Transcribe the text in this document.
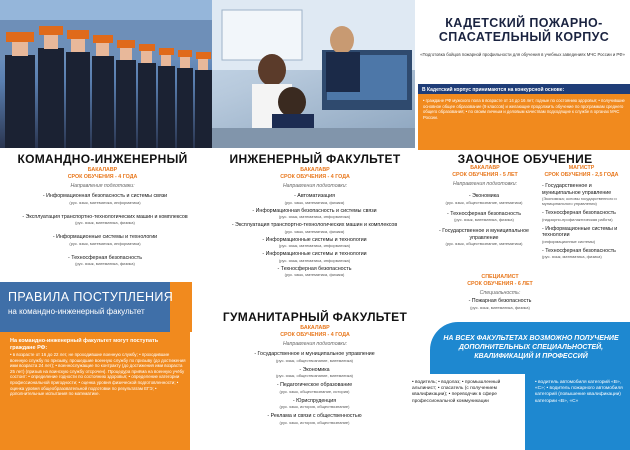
КАДЕТСКИЙ ПОЖАРНО-
СПАСАТЕЛЬНЫЙ КОРПУС
«Подготовка бойцов пожарной профильности для обучения в учебных заведениях МЧС России и РФ»
В Кадетский корпус принимаются на конкурсной основе:
• граждане РФ мужского пола в возрасте от 14 до 16 лет; годные по состоянию здоровья; • получившие основное общее образование (9 классов) и желающие продолжить обучение по программам среднего общего образования; • по своим личным и деловым качествам подходящие к службе в органах МЧС России.
КОМАНДНО-ИНЖЕНЕРНЫЙ
БАКАЛАВР
СРОК ОБУЧЕНИЯ - 4 ГОДА
Направления подготовки:
- Информационная безопасность и системы связи
(рус. язык, математика, информатика)
- Эксплуатация транспортно-технологических машин и комплексов
(рус. язык, математика, физика)
- Информационные системы и технологии
(рус. язык, математика, информатика)
- Техносферная безопасность
(рус. язык, математика, физика)
ИНЖЕНЕРНЫЙ ФАКУЛЬТЕТ
БАКАЛАВР
СРОК ОБУЧЕНИЯ - 4 ГОДА
Направления подготовки:
- Автоматизация
(рус. язык, математика, физика)
- Информационная безопасность и системы связи
(рус. язык, математика, информатика)
- Эксплуатация транспортно-технологических машин и комплексов
(рус. язык, математика, физика)
- Информационные системы и технологии
(рус. язык, математика, информатика)
- Информационные системы и технологии
(рус. язык, математика, информатика)
- Техносферная безопасность
(рус. язык, математика, физика)
ГУМАНИТАРНЫЙ ФАКУЛЬТЕТ
БАКАЛАВР
СРОК ОБУЧЕНИЯ - 4 ГОДА
Направления подготовки:
- Государственное и муниципальное управление
(рус. язык, обществознание, математика)
- Экономика
(рус. язык, обществознание, математика)
- Педагогическое образование
(рус. язык, обществознание, история)
- Юриспруденция
(рус. язык, история, обществознание)
- Реклама и связи с общественностью
(рус. язык, история, обществознание)
ЗАОЧНОЕ ОБУЧЕНИЕ
БАКАЛАВР
СРОК ОБУЧЕНИЯ - 5 ЛЕТ
МАГИСТР
СРОК ОБУЧЕНИЯ - 2,5 ГОДА
Направления подготовки:
- Экономика
(рус. язык, обществознание, математика)
- Техносферная безопасность
(рус. язык, математика, физика)
- Государственное и муниципальное управление
(рус. язык, обществознание, математика)
- Государственное и муниципальное управление
(Экономика; основы государственного и муниципального управления)
- Техносферная безопасность
(надзорно-профилактическая работа)
- Информационные системы и технологии
(информационные системы)
- Техносферная безопасность
(рус. язык, математика, физика)
СПЕЦИАЛИСТ
СРОК ОБУЧЕНИЯ - 6 ЛЕТ
Специальность:
- Пожарная безопасность
(рус. язык, математика, физика)
ПРАВИЛА ПОСТУПЛЕНИЯ
на командно-инженерный факультет
На командно-инженерный факультет могут поступать граждане РФ:
• в возрасте от 16 до 22 лет, не проходившие военную службу; • проходившие военную службу по призыву, прошедшие военную службу по призыву (до достижения ими возраста 24 лет); • военнослужащие по контракту (до достижения ими возраста 25 лет) (призыв на воинскую службу отсрочен). Процедура приёма на военную учёбу состоит: • определение годности по состоянию здоровья; • определение категории профессиональной пригодности; • оценка уровня физической подготовленности; • оценка уровня общеобразовательной подготовки по результатам ЕГЭ; • дополнительные испытания по математике.
НА ВСЕХ ФАКУЛЬТЕТАХ ВОЗМОЖНО ПОЛУЧЕНИЕ ДОПОЛНИТЕЛЬНЫХ СПЕЦИАЛЬНОСТЕЙ, КВАЛИФИКАЦИЙ И ПРОФЕССИЙ
• водитель; • водолаз; • промышленный альпинист; • спасатель (с получением квалификации); • переводчик в сфере профессиональной коммуникации
• водитель автомобиля категорий «В», «С»; • водитель пожарного автомобиля категорий (повышение квалификации) категории «В», «С»
